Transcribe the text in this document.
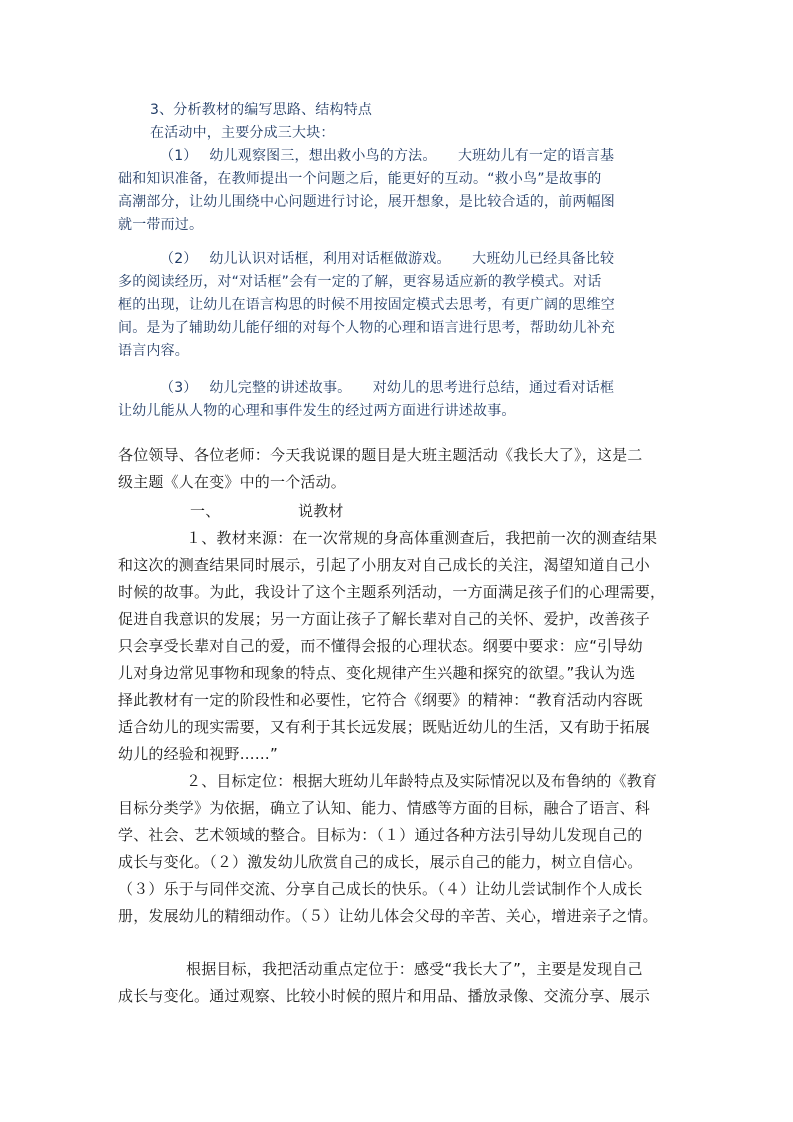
3、分析教材的编写思路、结构特点
在活动中，主要分成三大块：
（1）　 幼儿观察图三，想出救小鸟的方法。　　大班幼儿有一定的语言基
础和知识准备，在教师提出一个问题之后，能更好的互动。“救小鸟”是故事的
高潮部分，让幼儿围绕中心问题进行讨论，展开想象，是比较合适的，前两幅图
就一带而过。
（2）　 幼儿认识对话框，利用对话框做游戏。　　大班幼儿已经具备比较
多的阅读经历，对“对话框”会有一定的了解，更容易适应新的教学模式。对话
框的出现，让幼儿在语言构思的时候不用按固定模式去思考，有更广阔的思维空
间。是为了辅助幼儿能仔细的对每个人物的心理和语言进行思考，帮助幼儿补充
语言内容。
（3）　 幼儿完整的讲述故事。　　对幼儿的思考进行总结，通过看对话框
让幼儿能从人物的心理和事件发生的经过两方面进行讲述故事。
各位领导、各位老师：今天我说课的题目是大班主题活动《我长大了》，这是二
级主题《人在变》中的一个活动。
一、	说教材
１、教材来源：在一次常规的身高体重测查后，我把前一次的测查结果
和这次的测查结果同时展示，引起了小朋友对自己成长的关注，渴望知道自己小
时候的故事。为此，我设计了这个主题系列活动，一方面满足孩子们的心理需要，
促进自我意识的发展；另一方面让孩子了解长辈对自己的关怀、爱护，改善孩子
只会享受长辈对自己的爱，而不懂得会报的心理状态。纲要中要求：应“引导幼
儿对身边常见事物和现象的特点、变化规律产生兴趣和探究的欲望。”我认为选
择此教材有一定的阶段性和必要性，它符合《纲要》的精神：“教育活动内容既
适合幼儿的现实需要，又有利于其长远发展；既贴近幼儿的生活，又有助于拓展
幼儿的经验和视野……”
２、目标定位：根据大班幼儿年龄特点及实际情况以及布鲁纳的《教育
目标分类学》为依据，确立了认知、能力、情感等方面的目标，融合了语言、科
学、社会、艺术领域的整合。目标为：（１）通过各种方法引导幼儿发现自己的
成长与变化。（２）激发幼儿欣赏自己的成长，展示自己的能力，树立自信心。
（３）乐于与同伴交流、分享自己成长的快乐。（４）让幼儿尝试制作个人成长
册，发展幼儿的精细动作。（５）让幼儿体会父母的辛苦、关心，增进亲子之情。
根据目标，我把活动重点定位于：感受“我长大了”，主要是发现自己
成长与变化。通过观察、比较小时候的照片和用品、播放录像、交流分享、展示
